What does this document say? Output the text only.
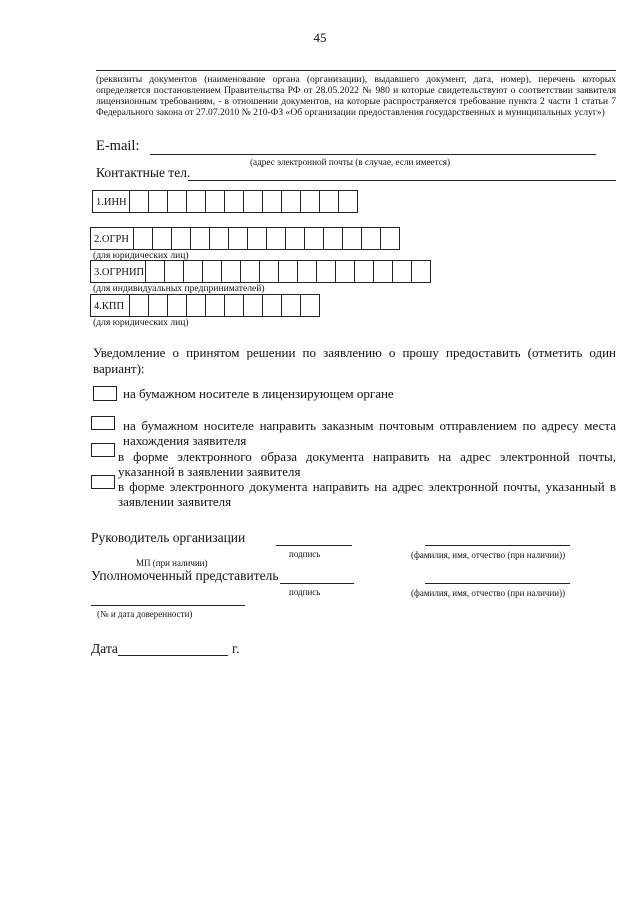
45
(реквизиты документов (наименование органа (организации), выдавшего документ, дата, номер), перечень которых определяется постановлением Правительства РФ от 28.05.2022 № 980 и которые свидетельствуют о соответствии заявителя лицензионным требованиям, - в отношении документов, на которые распространяется требование пункта 2 части 1 статьи 7 Федерального закона от 27.07.2010 № 210-ФЗ «Об организации предоставления государственных и муниципальных услуг»)
E-mail:
(адрес электронной почты (в случае, если имеется)
Контактные тел.
1.ИНН
2.ОГРН
(для юридических лиц)
3.ОГРНИП
(для индивидуальных предпринимателей)
4.КПП
(для юридических лиц)
Уведомление о принятом решении по заявлению о прошу предоставить (отметить один вариант):
на бумажном носителе в лицензирующем органе
на бумажном носителе направить заказным почтовым отправлением по адресу места нахождения заявителя
в форме электронного образа документа направить на адрес электронной почты, указанной в заявлении заявителя
в форме электронного документа направить на адрес электронной почты, указанный в заявлении заявителя
Руководитель организации
подпись	(фамилия, имя, отчество (при наличии))
МП (при наличии)
Уполномоченный представитель
подпись	(фамилия, имя, отчество (при наличии))
(№ и дата доверенности)
Дата	г.
